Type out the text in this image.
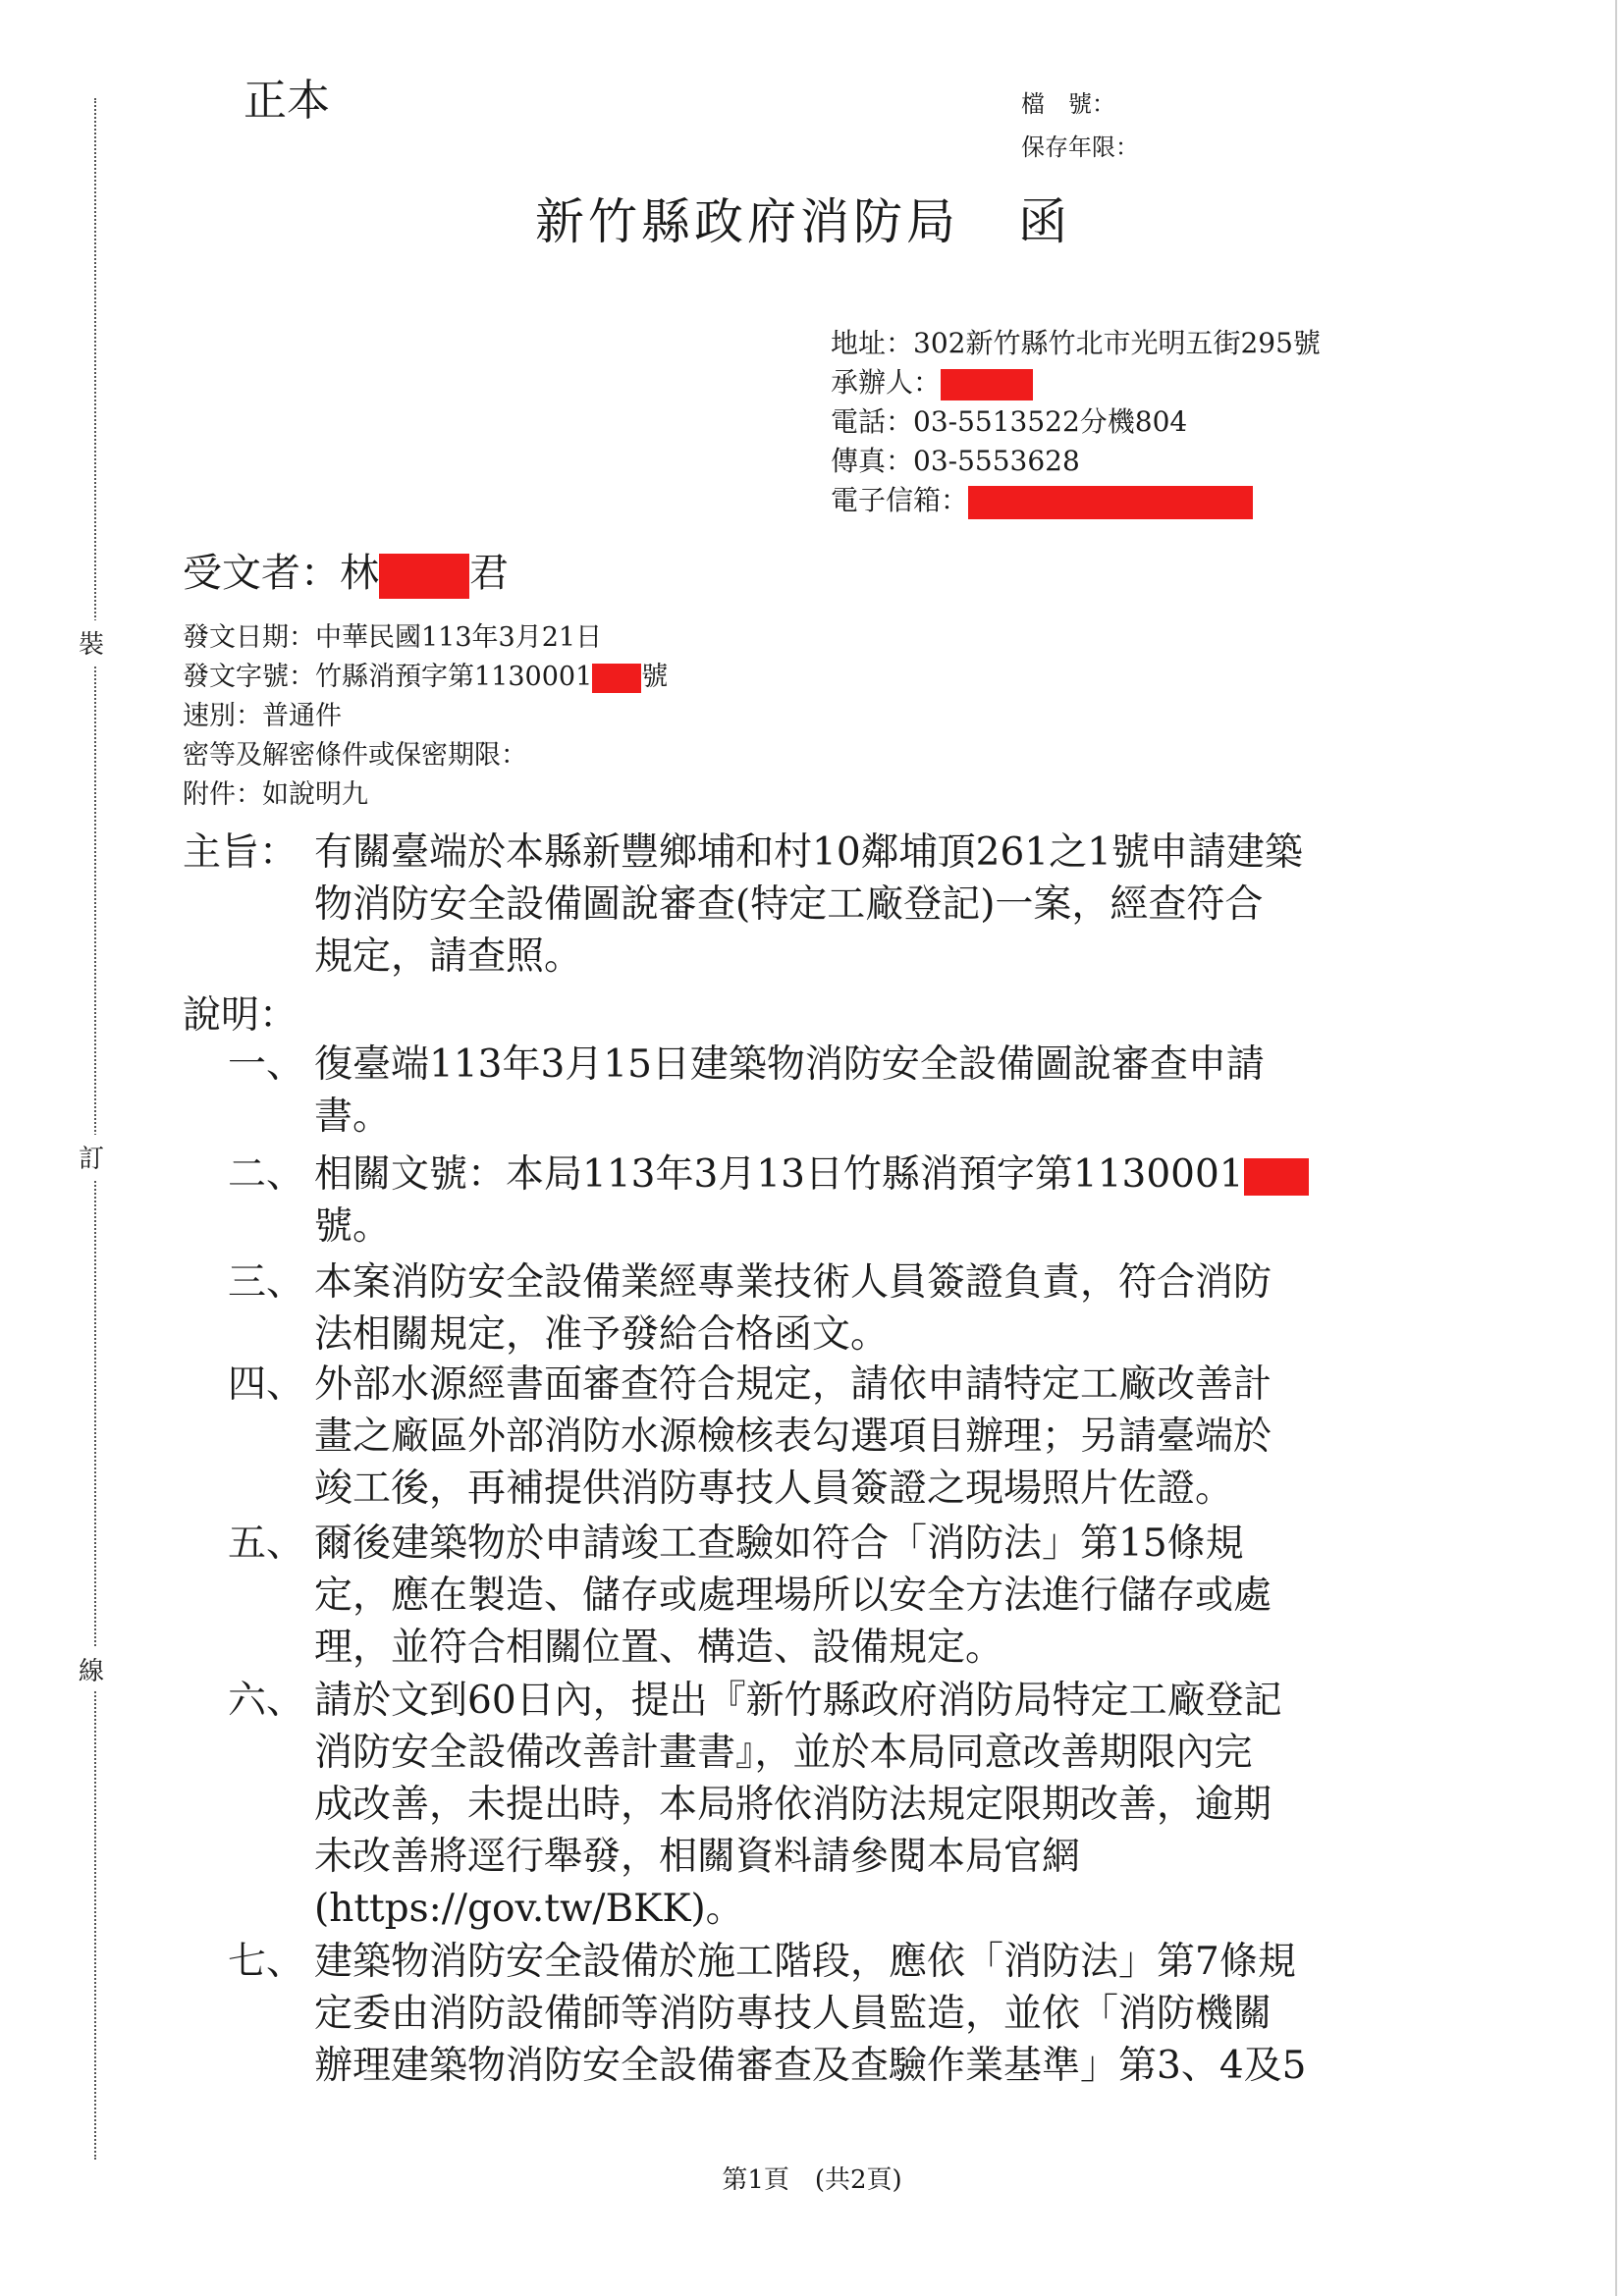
裝
訂
線
正本	檔　號：
保存年限：
新竹縣政府消防局 函
地址：302新竹縣竹北市光明五街295號
承辦人：
電話：03-5513522分機804
傳真：03-5553628
電子信箱：
受文者：林 君
發文日期：中華民國113年3月21日
發文字號：竹縣消預字第1130001 號
速別：普通件
密等及解密條件或保密期限：
附件：如說明九
主旨： 有關臺端於本縣新豐鄉埔和村10鄰埔頂261之1號申請建築
物消防安全設備圖說審查(特定工廠登記)一案，經查符合
規定，請查照。
說明：
一、 復臺端113年3月15日建築物消防安全設備圖說審查申請
書。
二、 相關文號：本局113年3月13日竹縣消預字第1130001
號。
三、 本案消防安全設備業經專業技術人員簽證負責，符合消防
法相關規定，准予發給合格函文。
四、 外部水源經書面審查符合規定，請依申請特定工廠改善計
畫之廠區外部消防水源檢核表勾選項目辦理；另請臺端於
竣工後，再補提供消防專技人員簽證之現場照片佐證。
五、 爾後建築物於申請竣工查驗如符合「消防法」第15條規
定，應在製造、儲存或處理場所以安全方法進行儲存或處
理，並符合相關位置、構造、設備規定。
六、 請於文到60日內，提出『新竹縣政府消防局特定工廠登記
消防安全設備改善計畫書』，並於本局同意改善期限內完
成改善，未提出時，本局將依消防法規定限期改善，逾期
未改善將逕行舉發，相關資料請參閱本局官網
(https://gov.tw/BKK)。
七、 建築物消防安全設備於施工階段，應依「消防法」第7條規
定委由消防設備師等消防專技人員監造，並依「消防機關
辦理建築物消防安全設備審查及查驗作業基準」第3、4及5
第1頁　(共2頁)
